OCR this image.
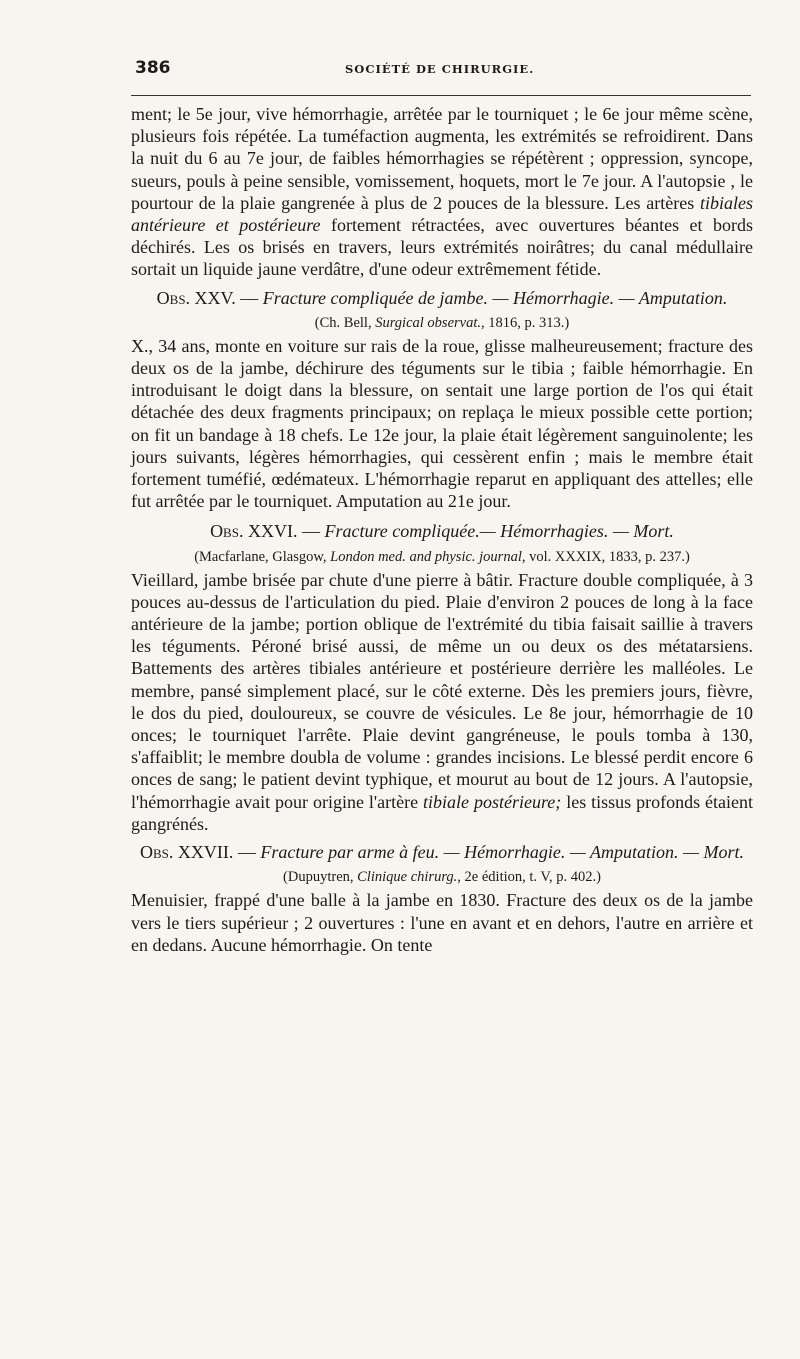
386	SOCIÉTÉ DE CHIRURGIE.

ment; le 5e jour, vive hémorrhagie, arrêtée par le tourniquet ; le 6e jour même scène, plusieurs fois répétée. La tuméfaction augmenta, les extrémités se refroidirent. Dans la nuit du 6 au 7e jour, de faibles hémorrhagies se répétèrent ; oppression, syncope, sueurs, pouls à peine sensible, vomissement, hoquets, mort le 7e jour. A l'autopsie , le pourtour de la plaie gangrenée à plus de 2 pouces de la blessure. Les artères tibiales antérieure et postérieure fortement rétractées, avec ouvertures béantes et bords déchirés. Les os brisés en travers, leurs extrémités noirâtres; du canal médullaire sortait un liquide jaune verdâtre, d'une odeur extrêmement fétide.

Obs. XXV. — Fracture compliquée de jambe. — Hémorrhagie. — Amputation.
(Ch. Bell, Surgical observat., 1816, p. 313.)

X., 34 ans, monte en voiture sur rais de la roue, glisse malheureusement; fracture des deux os de la jambe, déchirure des téguments sur le tibia ; faible hémorrhagie. En introduisant le doigt dans la blessure, on sentait une large portion de l'os qui était détachée des deux fragments principaux; on replaça le mieux possible cette portion; on fit un bandage à 18 chefs. Le 12e jour, la plaie était légèrement sanguinolente; les jours suivants, légères hémorrhagies, qui cessèrent enfin ; mais le membre était fortement tuméfié, œdémateux. L'hémorrhagie reparut en appliquant des attelles; elle fut arrêtée par le tourniquet. Amputation au 21e jour.

Obs. XXVI. — Fracture compliquée.— Hémorrhagies. — Mort.
(Macfarlane, Glasgow, London med. and physic. journal, vol. XXXIX, 1833, p. 237.)

Vieillard, jambe brisée par chute d'une pierre à bâtir. Fracture double compliquée, à 3 pouces au-dessus de l'articulation du pied. Plaie d'environ 2 pouces de long à la face antérieure de la jambe; portion oblique de l'extrémité du tibia faisait saillie à travers les téguments. Péroné brisé aussi, de même un ou deux os des métatarsiens. Battements des artères tibiales antérieure et postérieure derrière les malléoles. Le membre, pansé simplement placé, sur le côté externe. Dès les premiers jours, fièvre, le dos du pied, douloureux, se couvre de vésicules. Le 8e jour, hémorrhagie de 10 onces; le tourniquet l'arrête. Plaie devint gangréneuse, le pouls tomba à 130, s'affaiblit; le membre doubla de volume : grandes incisions. Le blessé perdit encore 6 onces de sang; le patient devint typhique, et mourut au bout de 12 jours. A l'autopsie, l'hémorrhagie avait pour origine l'artère tibiale postérieure; les tissus profonds étaient gangrénés.

Obs. XXVII. — Fracture par arme à feu. — Hémorrhagie. — Amputation. — Mort.
(Dupuytren, Clinique chirurg., 2e édition, t. V, p. 402.)

Menuisier, frappé d'une balle à la jambe en 1830. Fracture des deux os de la jambe vers le tiers supérieur ; 2 ouvertures : l'une en avant et en dehors, l'autre en arrière et en dedans. Aucune hémorrhagie. On tente
